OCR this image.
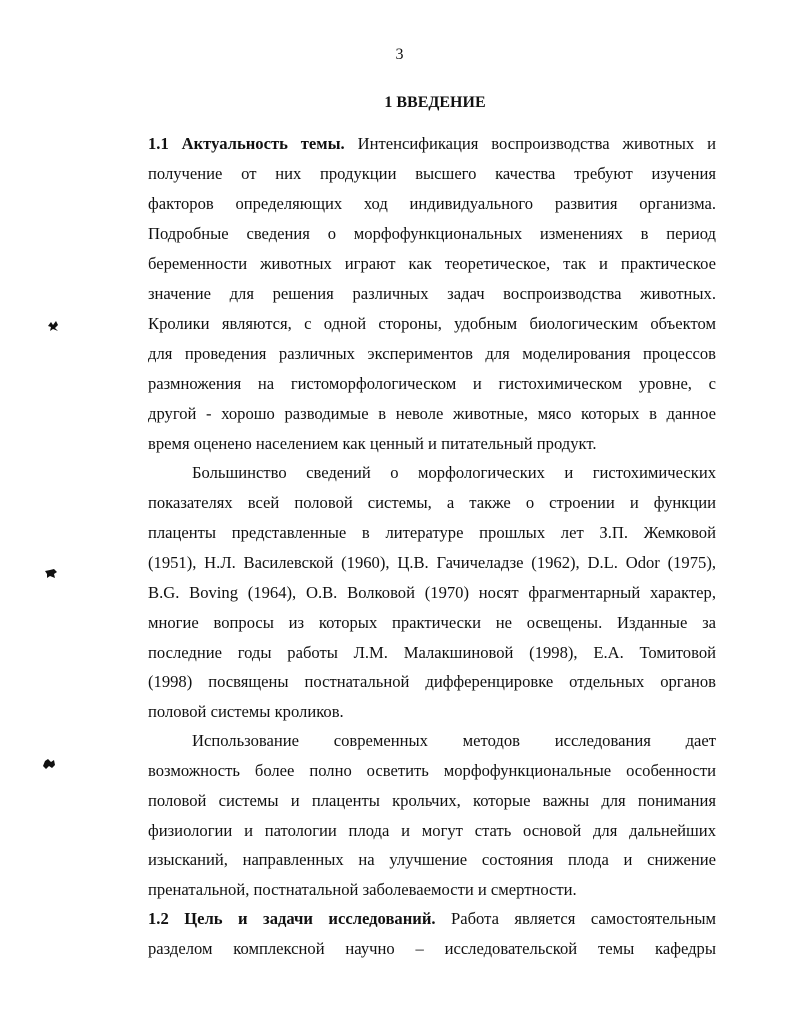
3
1 ВВЕДЕНИЕ
1.1 Актуальность темы. Интенсификация воспроизводства животных и
получение от них продукции высшего качества требуют изучения
факторов определяющих ход индивидуального развития организма.
Подробные сведения о морфофункциональных изменениях в период
беременности животных играют как теоретическое, так и практическое
значение для решения различных задач воспроизводства животных.
Кролики являются, с одной стороны, удобным биологическим объектом
для проведения различных экспериментов для моделирования процессов
размножения на гистоморфологическом и гистохимическом уровне, с
другой - хорошо разводимые в неволе животные, мясо которых в данное
время оценено населением как ценный и питательный продукт.
Большинство сведений о морфологических и гистохимических
показателях всей половой системы, а также о строении и функции
плаценты представленные в литературе прошлых лет З.П. Жемковой
(1951), Н.Л. Василевской (1960), Ц.В. Гачичеладзе (1962), D.L. Odor (1975),
B.G. Boving (1964), О.В. Волковой (1970) носят фрагментарный характер,
многие вопросы из которых практически не освещены. Изданные за
последние годы работы Л.М. Малакшиновой (1998), Е.А. Томитовой
(1998) посвящены постнатальной дифференцировке отдельных органов
половой системы кроликов.
Использование современных методов исследования дает
возможность более полно осветить морфофункциональные особенности
половой системы и плаценты крольчих, которые важны для понимания
физиологии и патологии плода и могут стать основой для дальнейших
изысканий, направленных на улучшение состояния плода и снижение
пренатальной, постнатальной заболеваемости и смертности.
1.2 Цель и задачи исследований. Работа является самостоятельным
разделом комплексной научно – исследовательской темы кафедры
